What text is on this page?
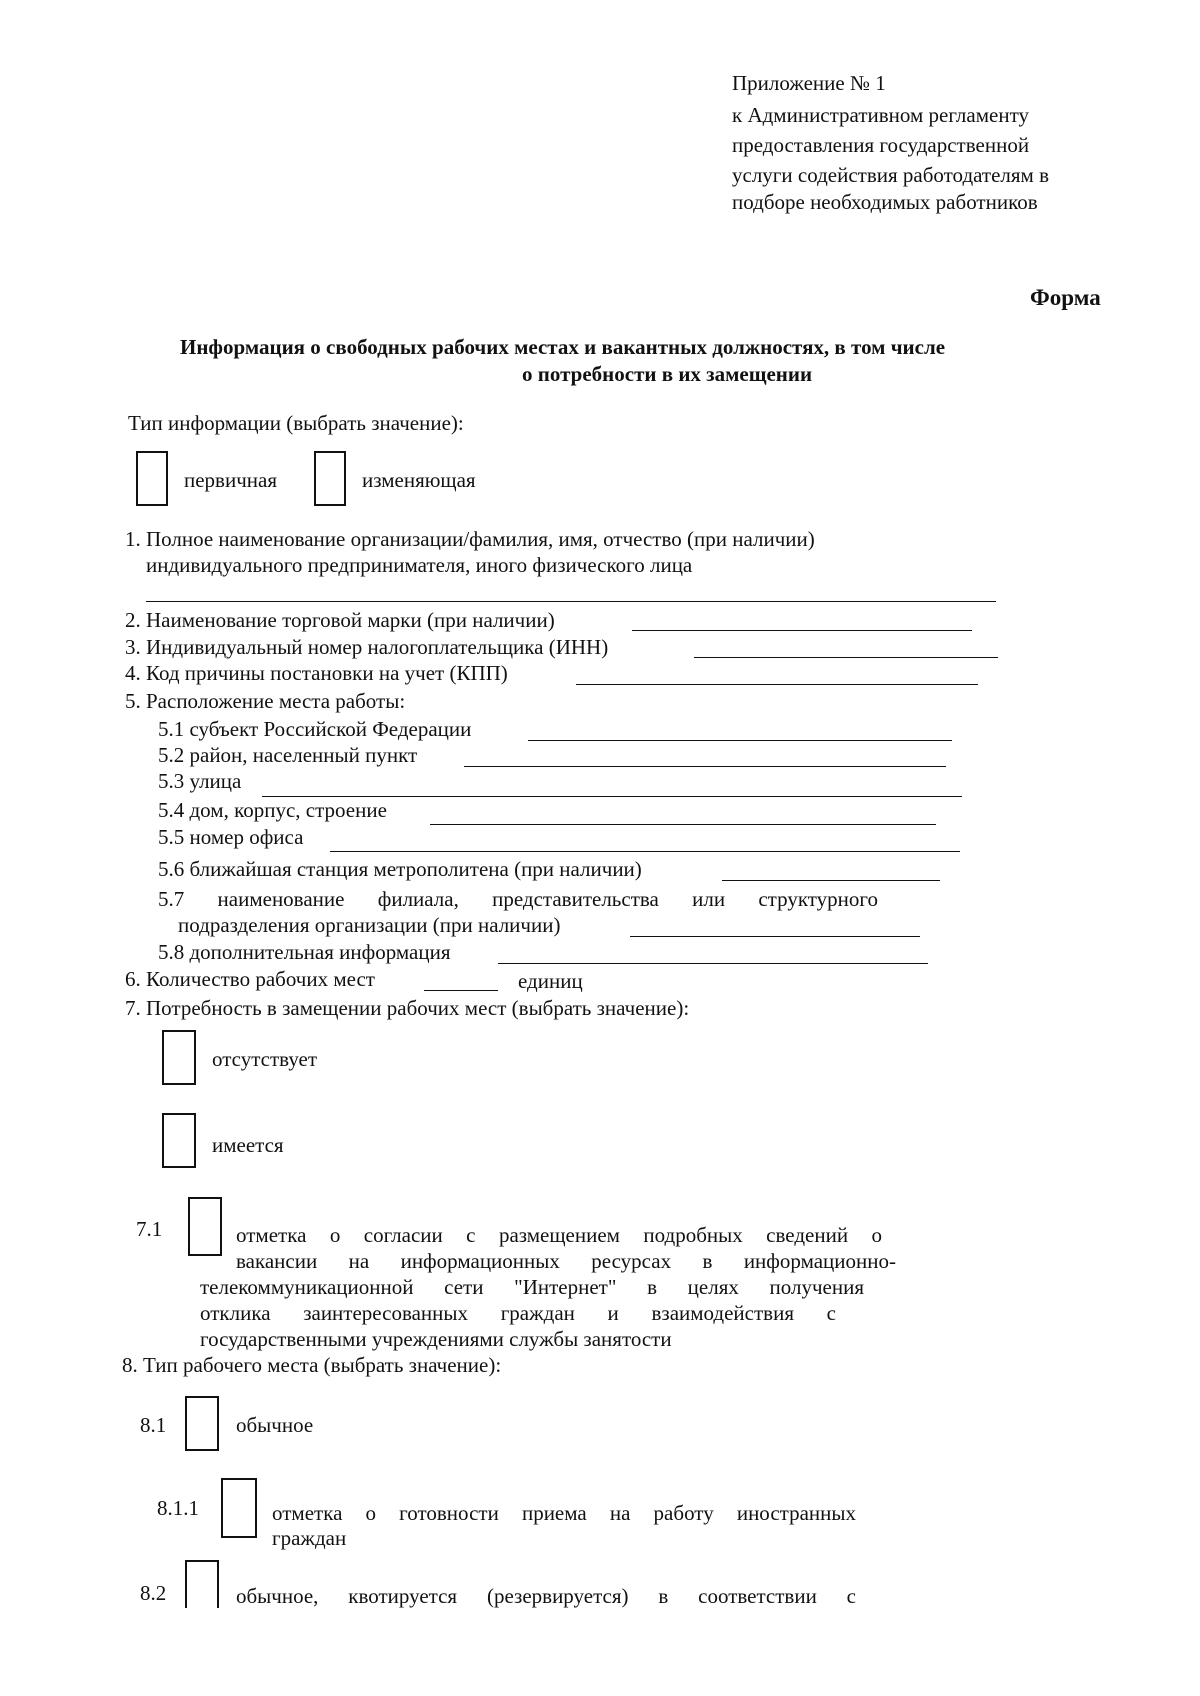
Приложение № 1
к Административном регламенту
предоставления государственной
услуги содействия работодателям в
подборе необходимых работников
Форма
Информация о свободных рабочих местах и вакантных должностях, в том числе
о потребности в их замещении
Тип информации (выбрать значение):
первичная	изменяющая
1. Полное наименование организации/фамилия, имя, отчество (при наличии)
индивидуального предпринимателя, иного физического лица
2. Наименование торговой марки (при наличии)
3. Индивидуальный номер налогоплательщика (ИНН)
4. Код причины постановки на учет (КПП)
5. Расположение места работы:
5.1 субъект Российской Федерации
5.2 район, населенный пункт
5.3 улица
5.4 дом, корпус, строение
5.5 номер офиса
5.6 ближайшая станция метрополитена (при наличии)
5.7 наименование филиала, представительства или структурного
подразделения организации (при наличии)
5.8 дополнительная информация
6. Количество рабочих мест	единиц
7. Потребность в замещении рабочих мест (выбрать значение):
отсутствует
имеется
7.1	отметка о согласии с размещением подробных сведений о
вакансии на информационных ресурсах в информационно-
телекоммуникационной сети "Интернет" в целях получения
отклика заинтересованных граждан и взаимодействия с
государственными учреждениями службы занятости
8. Тип рабочего места (выбрать значение):
8.1	обычное
8.1.1	отметка о готовности приема на работу иностранных
граждан
8.2	обычное, квотируется (резервируется) в соответствии с
